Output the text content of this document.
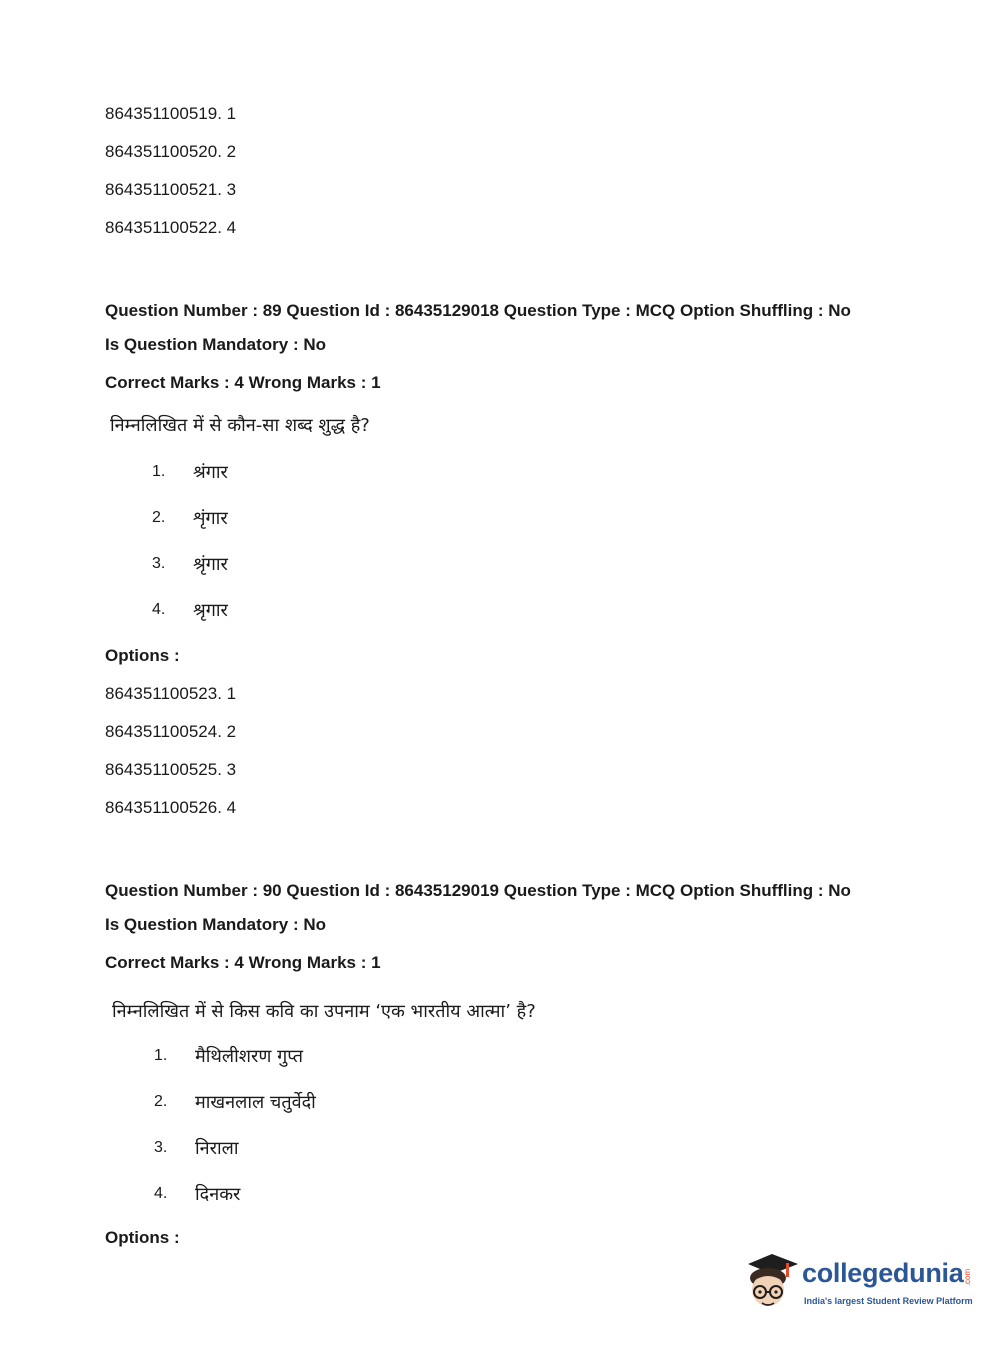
864351100519. 1
864351100520. 2
864351100521. 3
864351100522. 4
Question Number : 89 Question Id : 86435129018 Question Type : MCQ Option Shuffling : No
Is Question Mandatory : No
Correct Marks : 4 Wrong Marks : 1
निम्नलिखित में से कौन-सा शब्द शुद्ध है?
1. श्रंगार
2. शृंगार
3. श्रृंगार
4. श्रृगार
Options :
864351100523. 1
864351100524. 2
864351100525. 3
864351100526. 4
Question Number : 90 Question Id : 86435129019 Question Type : MCQ Option Shuffling : No
Is Question Mandatory : No
Correct Marks : 4 Wrong Marks : 1
निम्नलिखित में से किस कवि का उपनाम ‘एक भारतीय आत्मा’ है?
1. मैथिलीशरण गुप्त
2. माखनलाल चतुर्वेदी
3. निराला
4. दिनकर
Options :
collegedunia .com
India's largest Student Review Platform
